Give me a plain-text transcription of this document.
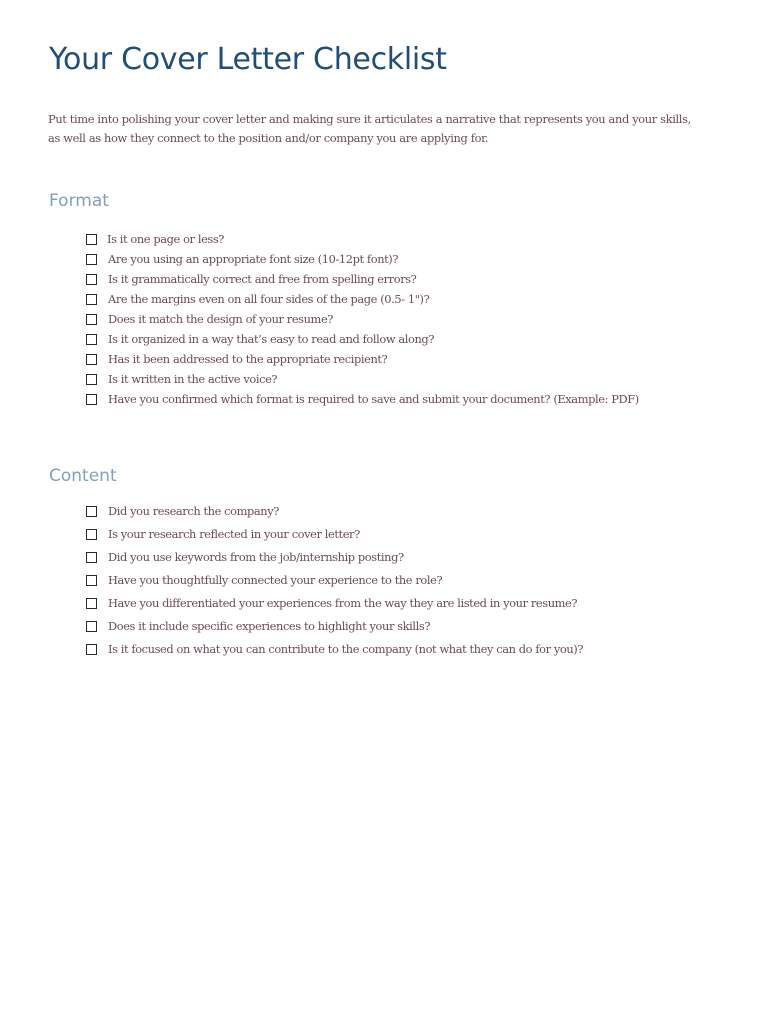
Your Cover Letter Checklist

Put time into polishing your cover letter and making sure it articulates a narrative that represents you and your skills,
as well as how they connect to the position and/or company you are applying for.

Format
Is it one page or less?
Are you using an appropriate font size (10-12pt font)?
Is it grammatically correct and free from spelling errors?
Are the margins even on all four sides of the page (0.5- 1")?
Does it match the design of your resume?
Is it organized in a way that’s easy to read and follow along?
Has it been addressed to the appropriate recipient?
Is it written in the active voice?
Have you confirmed which format is required to save and submit your document? (Example: PDF)
Content
Did you research the company?
Is your research reflected in your cover letter?
Did you use keywords from the job/internship posting?
Have you thoughtfully connected your experience to the role?
Have you differentiated your experiences from the way they are listed in your resume?
Does it include specific experiences to highlight your skills?
Is it focused on what you can contribute to the company (not what they can do for you)?
